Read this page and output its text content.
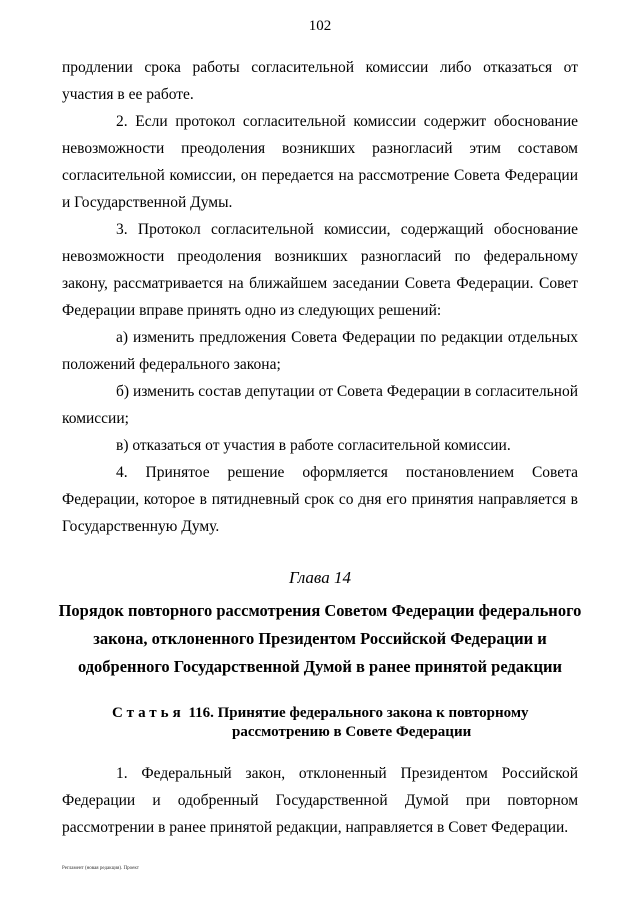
102

продлении срока работы согласительной комиссии либо отказаться от участия в ее работе.

2. Если протокол согласительной комиссии содержит обоснование невозможности преодоления возникших разногласий этим составом согласительной комиссии, он передается на рассмотрение Совета Федерации и Государственной Думы.

3. Протокол согласительной комиссии, содержащий обоснование невозможности преодоления возникших разногласий по федеральному закону, рассматривается на ближайшем заседании Совета Федерации. Совет Федерации вправе принять одно из следующих решений:

а) изменить предложения Совета Федерации по редакции отдельных положений федерального закона;

б) изменить состав депутации от Совета Федерации в согласительной комиссии;

в) отказаться от участия в работе согласительной комиссии.

4. Принятое решение оформляется постановлением Совета Федерации, которое в пятидневный срок со дня его принятия направляется в Государственную Думу.

Глава 14
Порядок повторного рассмотрения Советом Федерации федерального закона, отклоненного Президентом Российской Федерации и одобренного Государственной Думой в ранее принятой редакции
Статья 116. Принятие федерального закона к повторному
рассмотрению в Совете Федерации

1. Федеральный закон, отклоненный Президентом Российской Федерации и одобренный Государственной Думой при повторном рассмотрении в ранее принятой редакции, направляется в Совет Федерации.

Регламент (новая редакция). Проект
